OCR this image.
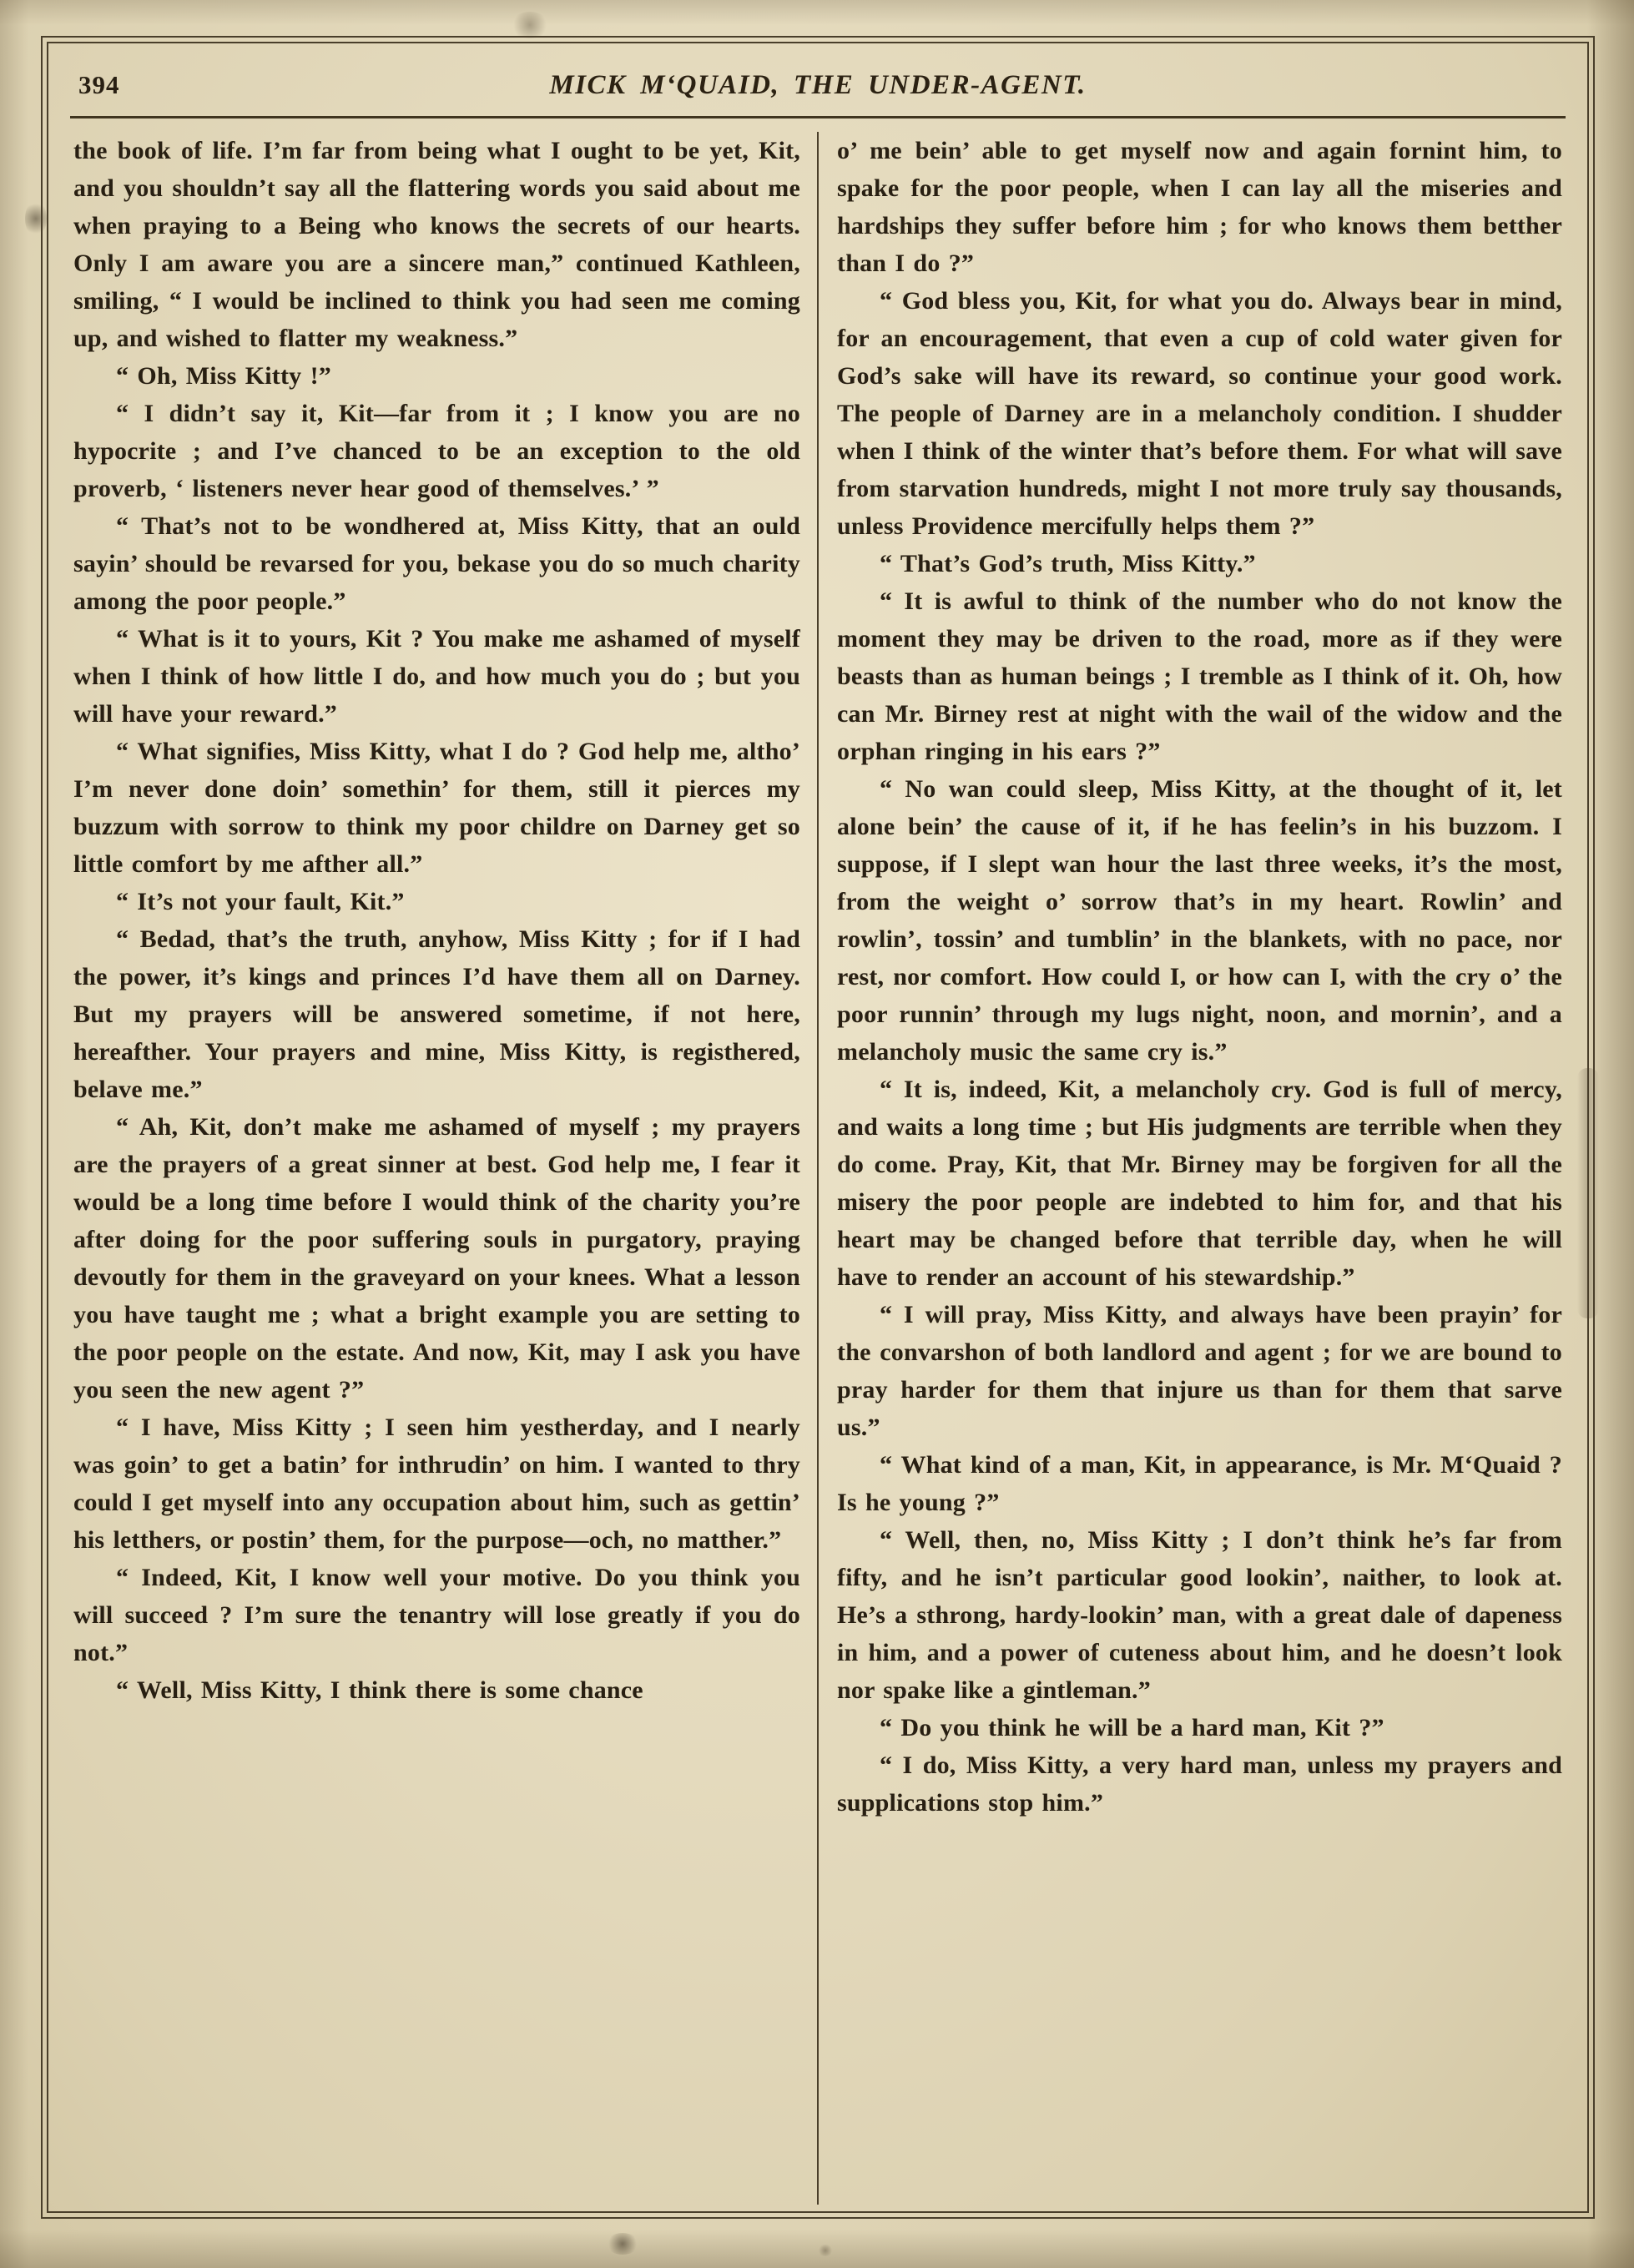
394	MICK M‘QUAID, THE UNDER-AGENT.

the book of life. I’m far from being what I ought to be yet, Kit, and you shouldn’t say all the flattering words you said about me when praying to a Being who knows the secrets of our hearts. Only I am aware you are a sincere man,” continued Kathleen, smiling, “ I would be inclined to think you had seen me coming up, and wished to flatter my weakness.”

“ Oh, Miss Kitty !”

“ I didn’t say it, Kit—far from it ; I know you are no hypocrite ; and I’ve chanced to be an exception to the old proverb, ‘ listeners never hear good of themselves.’ ”

“ That’s not to be wondhered at, Miss Kitty, that an ould sayin’ should be revarsed for you, bekase you do so much charity among the poor people.”

“ What is it to yours, Kit ? You make me ashamed of myself when I think of how little I do, and how much you do ; but you will have your reward.”

“ What signifies, Miss Kitty, what I do ? God help me, altho’ I’m never done doin’ somethin’ for them, still it pierces my buzzum with sorrow to think my poor childre on Darney get so little comfort by me afther all.”

“ It’s not your fault, Kit.”

“ Bedad, that’s the truth, anyhow, Miss Kitty ; for if I had the power, it’s kings and princes I’d have them all on Darney. But my prayers will be answered sometime, if not here, hereafther. Your prayers and mine, Miss Kitty, is registhered, belave me.”

“ Ah, Kit, don’t make me ashamed of myself ; my prayers are the prayers of a great sinner at best. God help me, I fear it would be a long time before I would think of the charity you’re after doing for the poor suffering souls in purgatory, praying devoutly for them in the graveyard on your knees. What a lesson you have taught me ; what a bright example you are setting to the poor people on the estate. And now, Kit, may I ask you have you seen the new agent ?”

“ I have, Miss Kitty ; I seen him yestherday, and I nearly was goin’ to get a batin’ for inthrudin’ on him. I wanted to thry could I get myself into any occupation about him, such as gettin’ his letthers, or postin’ them, for the purpose—och, no matther.”

“ Indeed, Kit, I know well your motive. Do you think you will succeed ? I’m sure the tenantry will lose greatly if you do not.”

“ Well, Miss Kitty, I think there is some chance

o’ me bein’ able to get myself now and again fornint him, to spake for the poor people, when I can lay all the miseries and hardships they suffer before him ; for who knows them betther than I do ?”

“ God bless you, Kit, for what you do. Always bear in mind, for an encouragement, that even a cup of cold water given for God’s sake will have its reward, so continue your good work. The people of Darney are in a melancholy condition. I shudder when I think of the winter that’s before them. For what will save from starvation hundreds, might I not more truly say thousands, unless Providence mercifully helps them ?”

“ That’s God’s truth, Miss Kitty.”

“ It is awful to think of the number who do not know the moment they may be driven to the road, more as if they were beasts than as human beings ; I tremble as I think of it. Oh, how can Mr. Birney rest at night with the wail of the widow and the orphan ringing in his ears ?”

“ No wan could sleep, Miss Kitty, at the thought of it, let alone bein’ the cause of it, if he has feelin’s in his buzzom. I suppose, if I slept wan hour the last three weeks, it’s the most, from the weight o’ sorrow that’s in my heart. Rowlin’ and rowlin’, tossin’ and tumblin’ in the blankets, with no pace, nor rest, nor comfort. How could I, or how can I, with the cry o’ the poor runnin’ through my lugs night, noon, and mornin’, and a melancholy music the same cry is.”

“ It is, indeed, Kit, a melancholy cry. God is full of mercy, and waits a long time ; but His judgments are terrible when they do come. Pray, Kit, that Mr. Birney may be forgiven for all the misery the poor people are indebted to him for, and that his heart may be changed before that terrible day, when he will have to render an account of his stewardship.”

“ I will pray, Miss Kitty, and always have been prayin’ for the convarshon of both landlord and agent ; for we are bound to pray harder for them that injure us than for them that sarve us.”

“ What kind of a man, Kit, in appearance, is Mr. M‘Quaid ? Is he young ?”

“ Well, then, no, Miss Kitty ; I don’t think he’s far from fifty, and he isn’t particular good lookin’, naither, to look at. He’s a sthrong, hardy-lookin’ man, with a great dale of dapeness in him, and a power of cuteness about him, and he doesn’t look nor spake like a gintleman.”

“ Do you think he will be a hard man, Kit ?”

“ I do, Miss Kitty, a very hard man, unless my prayers and supplications stop him.”
